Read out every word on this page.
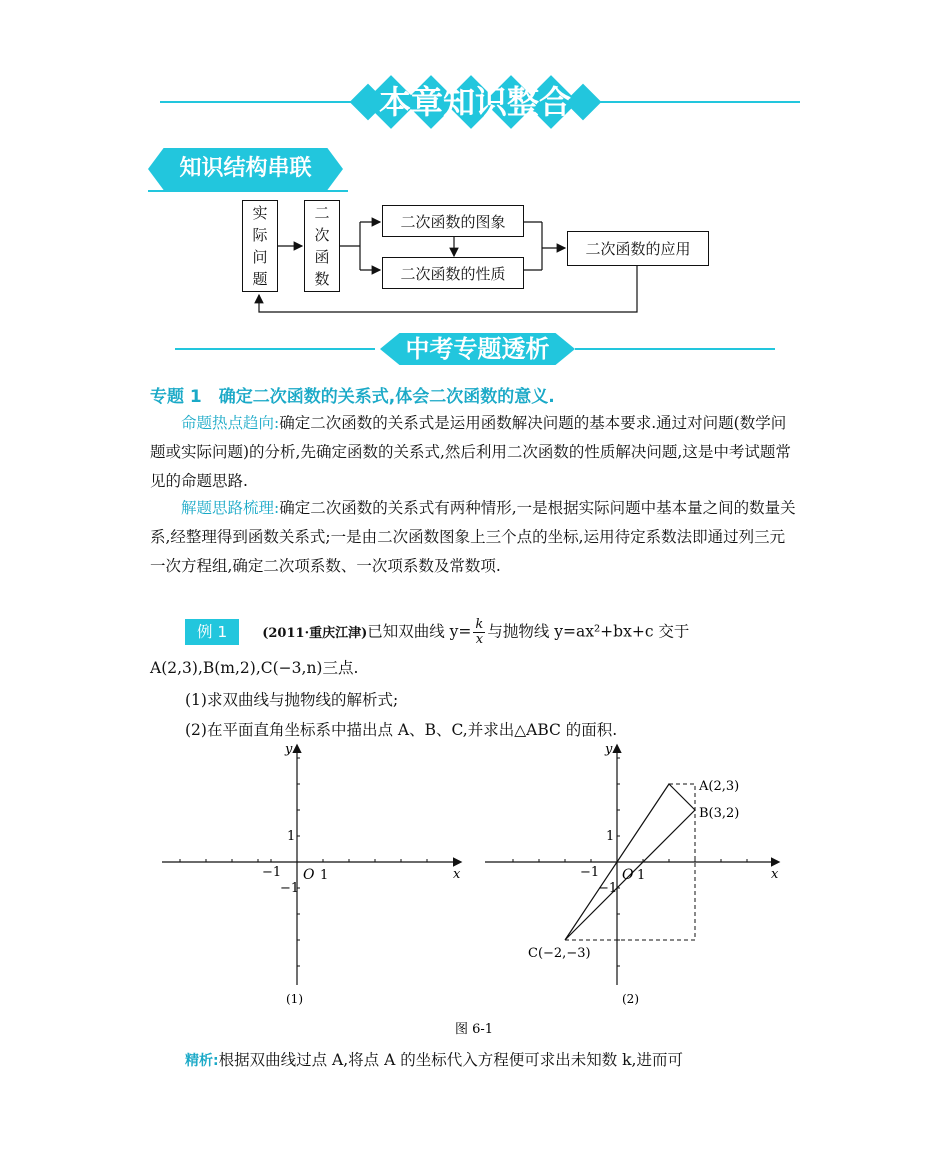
本章知识整合
知识结构串联
实
际
问
题
二
次
函
数
二次函数的图象
二次函数的性质
二次函数的应用
中考专题透析
专题 1　确定二次函数的关系式,体会二次函数的意义.
命题热点趋向:确定二次函数的关系式是运用函数解决问题的基本要求.通过对问题(数学问题或实际问题)的分析,先确定函数的关系式,然后利用二次函数的性质解决问题,这是中考试题常见的命题思路.
解题思路梳理:确定二次函数的关系式有两种情形,一是根据实际问题中基本量之间的数量关系,经整理得到函数关系式;一是由二次函数图象上三个点的坐标,运用待定系数法即通过列三元一次方程组,确定二次项系数、一次项系数及常数项.
例 1	(2011·重庆江津)已知双曲线 $y= \frac{k}{x}$ 与抛物线 y=ax²+bx+c 交于
A(2,3),B(m,2),C(−3,n)三点.
(1)求双曲线与抛物线的解析式;
(2)在平面直角坐标系中描出点 A、B、C,并求出△ABC 的面积.
x
y
O
−1	1
1
−1
(1)
x
y
O
−1	1
1
−1
A(2,3)
B(3,2)
C(−2,−3)
(2)
图 6-1
精析:根据双曲线过点 A,将点 A 的坐标代入方程便可求出未知数 k,进而可
